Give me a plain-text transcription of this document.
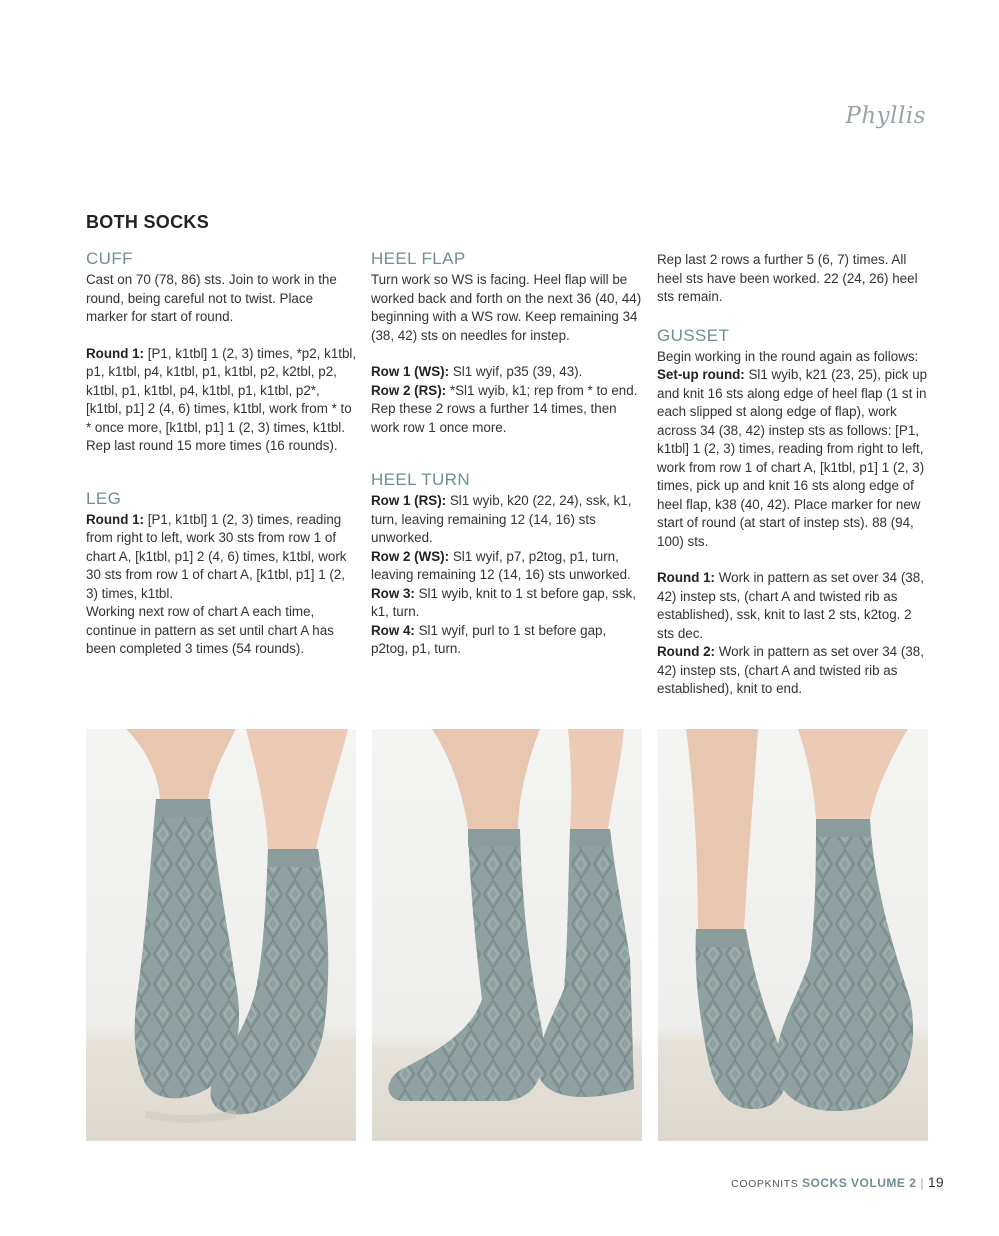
Phyllis
BOTH SOCKS
CUFF

Cast on 70 (78, 86) sts. Join to work in the round, being careful not to twist. Place marker for start of round.

Round 1: [P1, k1tbl] 1 (2, 3) times, *p2, k1tbl, p1, k1tbl, p4, k1tbl, p1, k1tbl, p2, k2tbl, p2, k1tbl, p1, k1tbl, p4, k1tbl, p1, k1tbl, p2*, [k1tbl, p1] 2 (4, 6) times, k1tbl, work from * to * once more, [k1tbl, p1] 1 (2, 3) times, k1tbl.

Rep last round 15 more times (16 rounds).

LEG

Round 1: [P1, k1tbl] 1 (2, 3) times, reading from right to left, work 30 sts from row 1 of chart A, [k1tbl, p1] 2 (4, 6) times, k1tbl, work 30 sts from row 1 of chart A, [k1tbl, p1] 1 (2, 3) times, k1tbl.

Working next row of chart A each time, continue in pattern as set until chart A has been completed 3 times (54 rounds).

HEEL FLAP

Turn work so WS is facing. Heel flap will be worked back and forth on the next 36 (40, 44) beginning with a WS row. Keep remaining 34 (38, 42) sts on needles for instep.

Row 1 (WS): Sl1 wyif, p35 (39, 43).

Row 2 (RS): *Sl1 wyib, k1; rep from * to end.

Rep these 2 rows a further 14 times, then work row 1 once more.

HEEL TURN

Row 1 (RS): Sl1 wyib, k20 (22, 24), ssk, k1, turn, leaving remaining 12 (14, 16) sts unworked.

Row 2 (WS): Sl1 wyif, p7, p2tog, p1, turn, leaving remaining 12 (14, 16) sts unworked.

Row 3: Sl1 wyib, knit to 1 st before gap, ssk, k1, turn.

Row 4: Sl1 wyif, purl to 1 st before gap, p2tog, p1, turn.

Rep last 2 rows a further 5 (6, 7) times. All heel sts have been worked. 22 (24, 26) heel sts remain.

GUSSET

Begin working in the round again as follows:

Set-up round: Sl1 wyib, k21 (23, 25), pick up and knit 16 sts along edge of heel flap (1 st in each slipped st along edge of flap), work across 34 (38, 42) instep sts as follows: [P1, k1tbl] 1 (2, 3) times, reading from right to left, work from row 1 of chart A, [k1tbl, p1] 1 (2, 3) times, pick up and knit 16 sts along edge of heel flap, k38 (40, 42). Place marker for new start of round (at start of instep sts). 88 (94, 100) sts.

Round 1: Work in pattern as set over 34 (38, 42) instep sts, (chart A and twisted rib as established), ssk, knit to last 2 sts, k2tog. 2 sts dec.

Round 2: Work in pattern as set over 34 (38, 42) instep sts, (chart A and twisted rib as established), knit to end.

COOPKNITS SOCKS VOLUME 2 | 19
